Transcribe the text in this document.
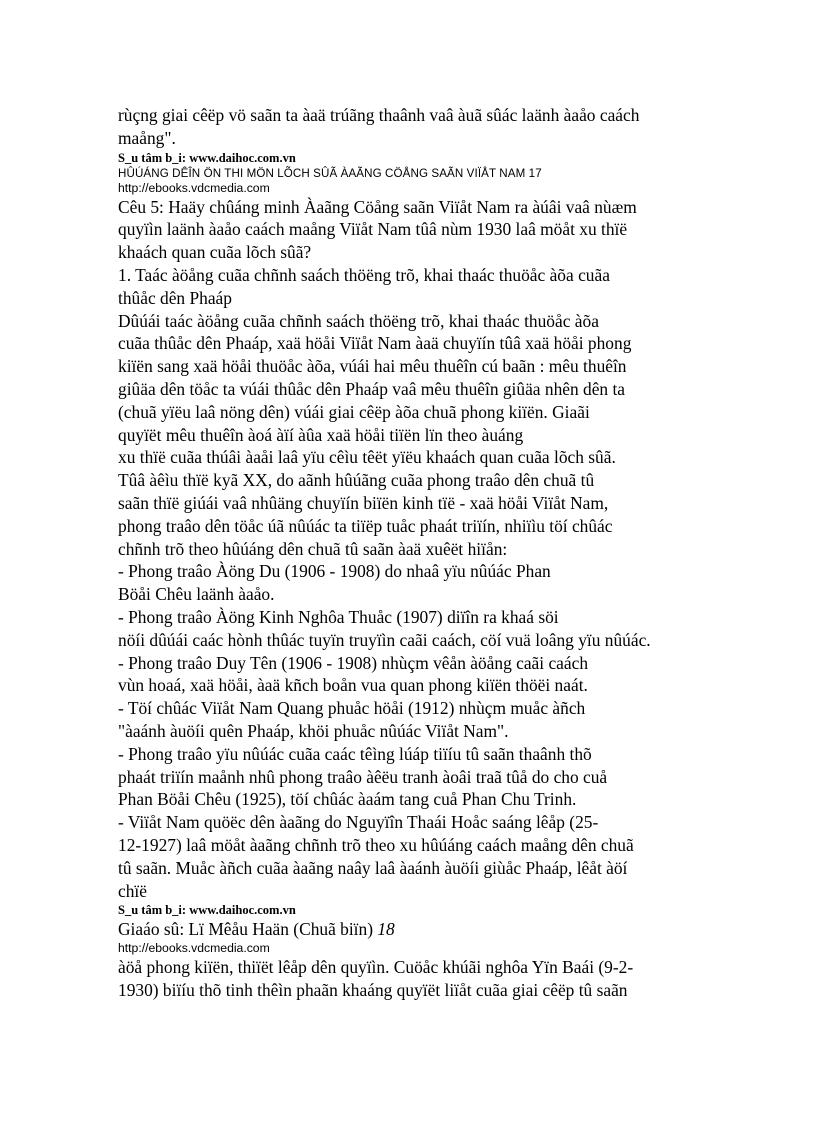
rùçng giai cêëp vö saãn ta àaä trúãng thaânh vaâ àuã sûác laänh àaåo caách

maång".

S_u tâm b_i: www.daihoc.com.vn

HÛÚÁNG DÊÎN ÖN THI MÖN LÕCH SÛÃ ÀAÃNG CÖÅNG SAÃN VIÏÅT NAM 17

http://ebooks.vdcmedia.com

Cêu 5: Haäy chûáng minh Àaãng Cöång saãn Viïåt Nam ra àúâi vaâ nùæm

quyïìn laänh àaåo caách maång Viïåt Nam tûâ nùm 1930 laâ möåt xu thïë

khaách quan cuãa lõch sûã?

1. Taác àöång cuãa chñnh saách thöëng trõ, khai thaác thuöåc àõa cuãa

thûåc dên Phaáp

Dûúái taác àöång cuãa chñnh saách thöëng trõ, khai thaác thuöåc àõa

cuãa thûåc dên Phaáp, xaä höåi Viïåt Nam àaä chuyïín tûâ xaä höåi phong

kiïën sang xaä höåi thuöåc àõa, vúái hai mêu thuêîn cú baãn : mêu thuêîn

giûäa dên töåc ta vúái thûåc dên Phaáp vaâ mêu thuêîn giûäa nhên dên ta

(chuã yïëu laâ nöng dên) vúái giai cêëp àõa chuã phong kiïën. Giaãi

quyïët mêu thuêîn àoá àïí àûa xaä höåi tiïën lïn theo àuáng

xu thïë cuãa thúâi àaåi laâ yïu cêìu têët yïëu khaách quan cuãa lõch sûã.

Tûâ àêìu thïë kyã XX, do aãnh hûúãng cuãa phong traâo dên chuã tû

saãn thïë giúái vaâ nhûäng chuyïín biïën kinh tïë - xaä höåi Viïåt Nam,

phong traâo dên töåc úã nûúác ta tiïëp tuåc phaát triïín, nhiïìu töí chûác

chñnh trõ theo hûúáng dên chuã tû saãn àaä xuêët hiïån:

- Phong traâo Àöng Du (1906 - 1908) do nhaâ yïu nûúác Phan

Böåi Chêu laänh àaåo.

- Phong traâo Àöng Kinh Nghôa Thuåc (1907) diïîn ra khaá söi

nöíi dûúái caác hònh thûác tuyïn truyïìn caãi caách, cöí vuä loâng yïu nûúác.

- Phong traâo Duy Tên (1906 - 1908) nhùçm vêån àöång caãi caách

vùn hoaá, xaä höåi, àaä kñch boån vua quan phong kiïën thöëi naát.

- Töí chûác Viïåt Nam Quang phuåc höåi (1912) nhùçm muåc àñch

"àaánh àuöíi quên Phaáp, khöi phuåc nûúác Viïåt Nam".

- Phong traâo yïu nûúác cuãa caác têìng lúáp tiïíu tû saãn thaânh thõ

phaát triïín maånh nhû phong traâo àêëu tranh àoâi traã tûå do cho cuå

Phan Böåi Chêu (1925), töí chûác àaám tang cuå Phan Chu Trinh.

- Viïåt Nam quöëc dên àaãng do Nguyïîn Thaái Hoåc saáng lêåp (25-

12-1927) laâ möåt àaãng chñnh trõ theo xu hûúáng caách maång dên chuã

tû saãn. Muåc àñch cuãa àaãng naây laâ àaánh àuöíi giùåc Phaáp, lêåt àöí

chïë

S_u tâm b_i: www.daihoc.com.vn

Giaáo sû: Lï Mêåu Haän (Chuã biïn) 18

http://ebooks.vdcmedia.com

àöå phong kiïën, thiïët lêåp dên quyïìn. Cuöåc khúãi nghôa Yïn Baái (9-2-

1930) biïíu thõ tinh thêìn phaãn khaáng quyïët liïåt cuãa giai cêëp tû saãn
